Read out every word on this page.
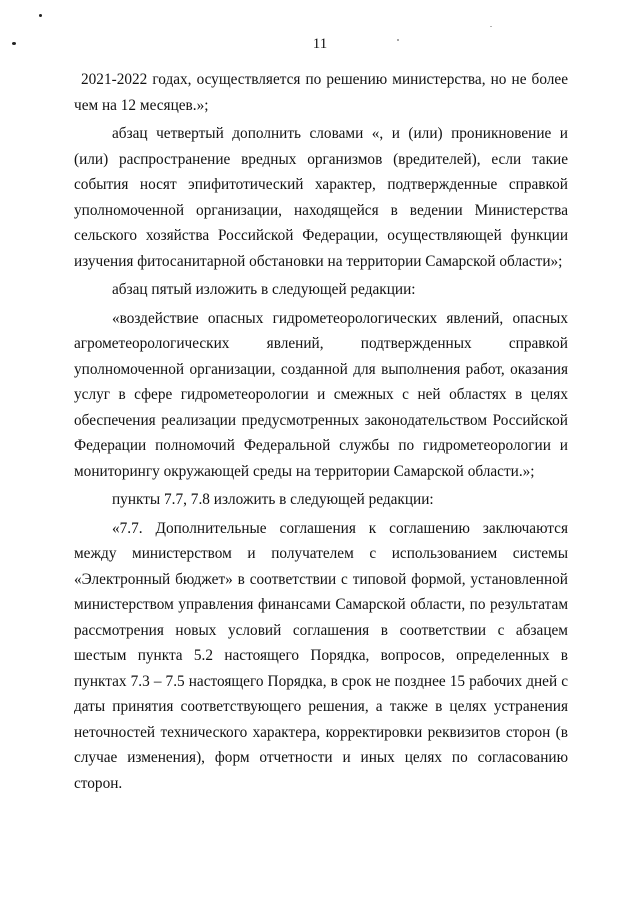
11

2021-2022 годах, осуществляется по решению министерства, но не более чем на 12 месяцев.»;

абзац четвертый дополнить словами «, и (или) проникновение и (или) распространение вредных организмов (вредителей), если такие события носят эпифитотический характер, подтвержденные справкой уполномоченной организации, находящейся в ведении Министерства сельского хозяйства Российской Федерации, осуществляющей функции изучения фитосанитарной обстановки на территории Самарской области»;

абзац пятый изложить в следующей редакции:

«воздействие опасных гидрометеорологических явлений, опасных агрометеорологических явлений, подтвержденных справкой уполномоченной организации, созданной для выполнения работ, оказания услуг в сфере гидрометеорологии и смежных с ней областях в целях обеспечения реализации предусмотренных законодательством Российской Федерации полномочий Федеральной службы по гидрометеорологии и мониторингу окружающей среды на территории Самарской области.»;

пункты 7.7, 7.8 изложить в следующей редакции:

«7.7. Дополнительные соглашения к соглашению заключаются между министерством и получателем с использованием системы «Электронный бюджет» в соответствии с типовой формой, установленной министерством управления финансами Самарской области, по результатам рассмотрения новых условий соглашения в соответствии с абзацем шестым пункта 5.2 настоящего Порядка, вопросов, определенных в пунктах 7.3 – 7.5 настоящего Порядка, в срок не позднее 15 рабочих дней с даты принятия соответствующего решения, а также в целях устранения неточностей технического характера, корректировки реквизитов сторон (в случае изменения), форм отчетности и иных целях по согласованию сторон.
